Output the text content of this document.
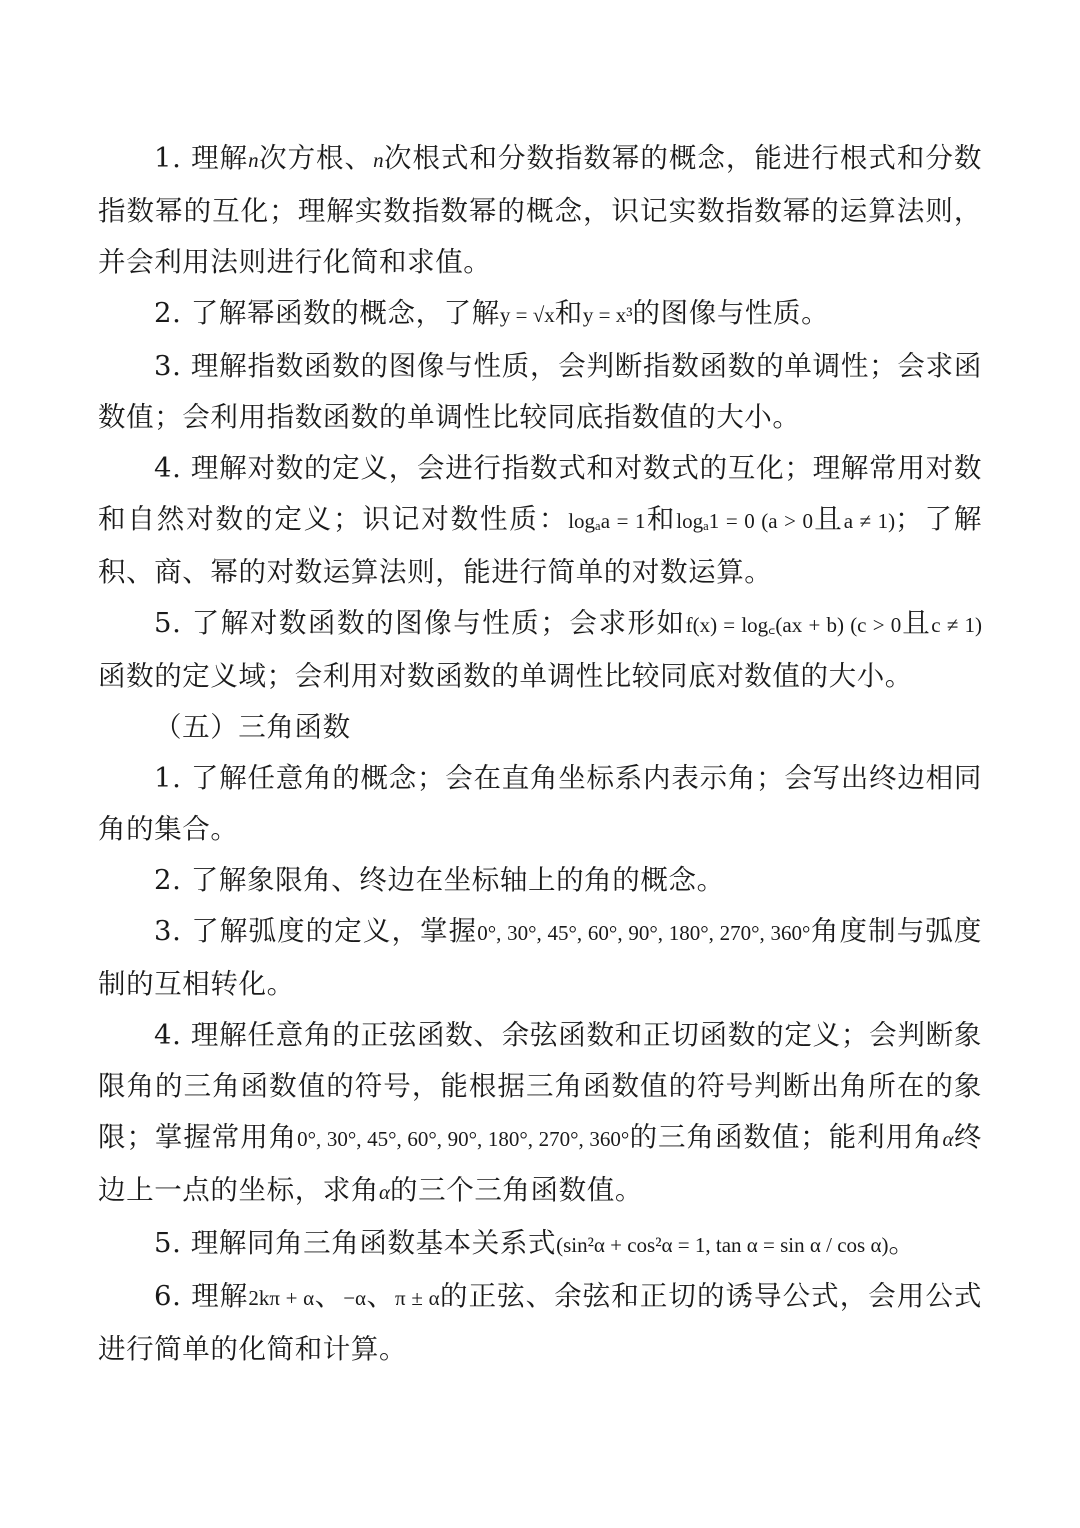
1. 理解n次方根、n次根式和分数指数幂的概念，能进行根式和分数指数幂的互化；理解实数指数幂的概念，识记实数指数幂的运算法则，并会利用法则进行化简和求值。

2. 了解幂函数的概念，了解y = √x和y = x³的图像与性质。

3. 理解指数函数的图像与性质，会判断指数函数的单调性；会求函数值；会利用指数函数的单调性比较同底指数值的大小。

4. 理解对数的定义，会进行指数式和对数式的互化；理解常用对数和自然对数的定义；识记对数性质：logₐa = 1和logₐ1 = 0 (a > 0且a ≠ 1)；了解积、商、幂的对数运算法则，能进行简单的对数运算。

5. 了解对数函数的图像与性质；会求形如f(x) = log꜀(ax + b) (c > 0且c ≠ 1)函数的定义域；会利用对数函数的单调性比较同底对数值的大小。

（五）三角函数

1. 了解任意角的概念；会在直角坐标系内表示角；会写出终边相同角的集合。

2. 了解象限角、终边在坐标轴上的角的概念。

3. 了解弧度的定义，掌握0°, 30°, 45°, 60°, 90°, 180°, 270°, 360°角度制与弧度制的互相转化。

4. 理解任意角的正弦函数、余弦函数和正切函数的定义；会判断象限角的三角函数值的符号，能根据三角函数值的符号判断出角所在的象限；掌握常用角0°, 30°, 45°, 60°, 90°, 180°, 270°, 360°的三角函数值；能利用角α终边上一点的坐标，求角α的三个三角函数值。

5. 理解同角三角函数基本关系式(sin²α + cos²α = 1, tan α = sin α / cos α)。

6. 理解2kπ + α、−α、π ± α的正弦、余弦和正切的诱导公式，会用公式进行简单的化简和计算。
